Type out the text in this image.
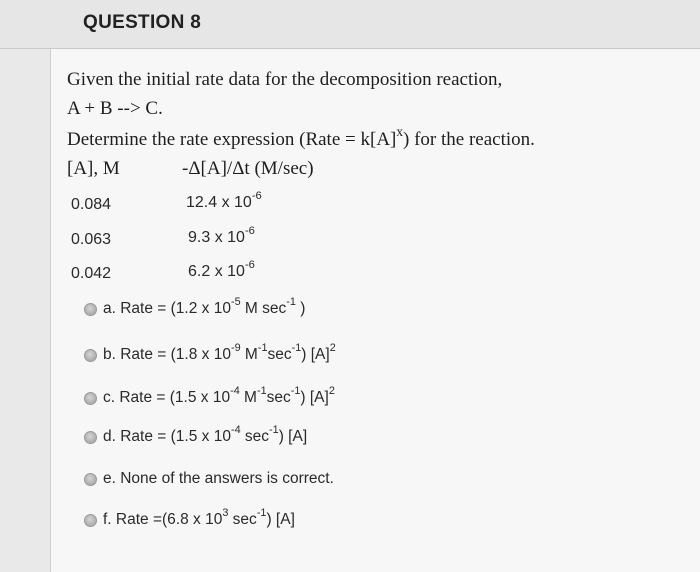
QUESTION 8
Given the initial rate data for the decomposition reaction,
A + B --> C.
Determine the rate expression (Rate = $k[A]^x$) for the reaction.
[A], M	-Δ[A]/Δt (M/sec)
0.084	12.4 x $10^{-6}$
0.063	9.3 x $10^{-6}$
0.042	6.2 x $10^{-6}$
a. Rate = (1.2 x $10^{-5}$ M $\sec^{-1}$ )
b. Rate = (1.8 x $10^{-9}$ $M^{-1}\sec^{-1}$) $[A]^2$
c. Rate = (1.5 x $10^{-4}$ $M^{-1}\sec^{-1}$) $[A]^2$
d. Rate = (1.5 x $10^{-4}$ $\sec^{-1}$) [A]
e. None of the answers is correct.
f. Rate =(6.8 x $10^3$ $\sec^{-1}$) [A]
